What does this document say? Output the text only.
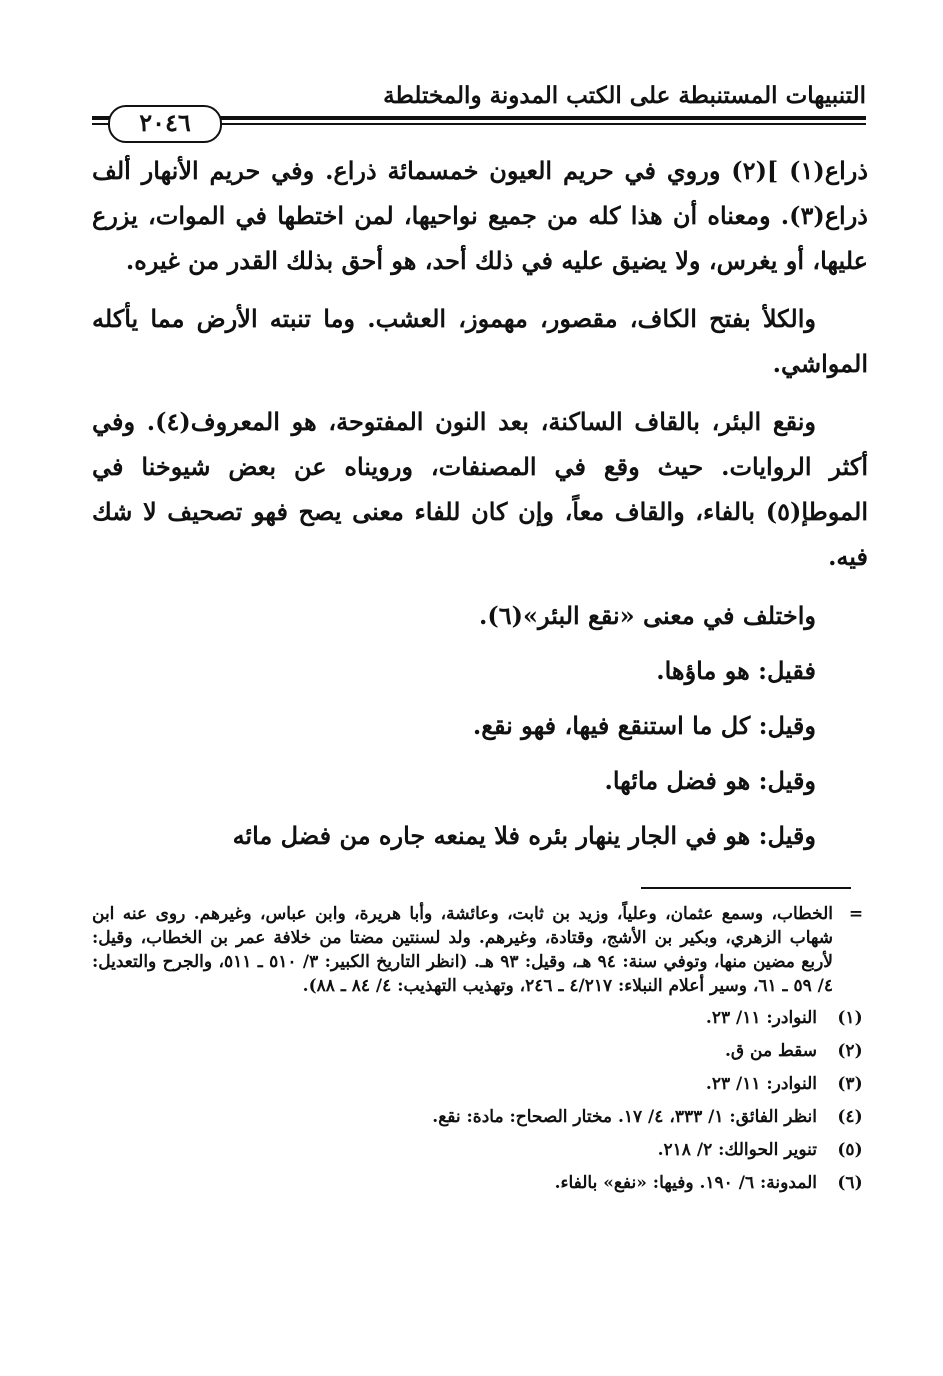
التنبيهات المستنبطة على الكتب المدونة والمختلطة
٢٠٤٦

ذراع(١) ](٢) وروي في حريم العيون خمسمائة ذراع. وفي حريم الأنهار ألف ذراع(٣). ومعناه أن هذا كله من جميع نواحيها، لمن اختطها في الموات، يزرع عليها، أو يغرس، ولا يضيق عليه في ذلك أحد، هو أحق بذلك القدر من غيره.

والكلأ بفتح الكاف، مقصور، مهموز، العشب. وما تنبته الأرض مما يأكله المواشي.

ونقع البئر، بالقاف الساكنة، بعد النون المفتوحة، هو المعروف(٤). وفي أكثر الروايات. حيث وقع في المصنفات، ورويناه عن بعض شيوخنا في الموطإ(٥) بالفاء، والقاف معاً، وإن كان للفاء معنى يصح فهو تصحيف لا شك فيه.

واختلف في معنى «نقع البئر»(٦).
فقيل: هو ماؤها.
وقيل: كل ما استنقع فيها، فهو نقع.
وقيل: هو فضل مائها.
وقيل: هو في الجار ينهار بئره فلا يمنعه جاره من فضل مائه
=
الخطاب، وسمع عثمان، وعلياً، وزيد بن ثابت، وعائشة، وأبا هريرة، وابن عباس، وغيرهم. روى عنه ابن شهاب الزهري، وبكير بن الأشج، وقتادة، وغيرهم. ولد لسنتين مضتا من خلافة عمر بن الخطاب، وقيل: لأربع مضين منها، وتوفي سنة: ٩٤ هـ، وقيل: ٩٣ هـ. (انظر التاريخ الكبير: ٣/ ٥١٠ ـ ٥١١، والجرح والتعديل: ٤/ ٥٩ ـ ٦١، وسير أعلام النبلاء: ٤/٢١٧ ـ ٢٤٦، وتهذيب التهذيب: ٤/ ٨٤ ـ ٨٨).
(١)
النوادر: ١١/ ٢٣.
(٢)
سقط من ق.
(٣)
النوادر: ١١/ ٢٣.
(٤)
انظر الفائق: ١/ ٣٣٣، ٤/ ١٧. مختار الصحاح: مادة: نقع.
(٥)
تنوير الحوالك: ٢/ ٢١٨.
(٦)
المدونة: ٦/ ١٩٠. وفيها: «نفع» بالفاء.
